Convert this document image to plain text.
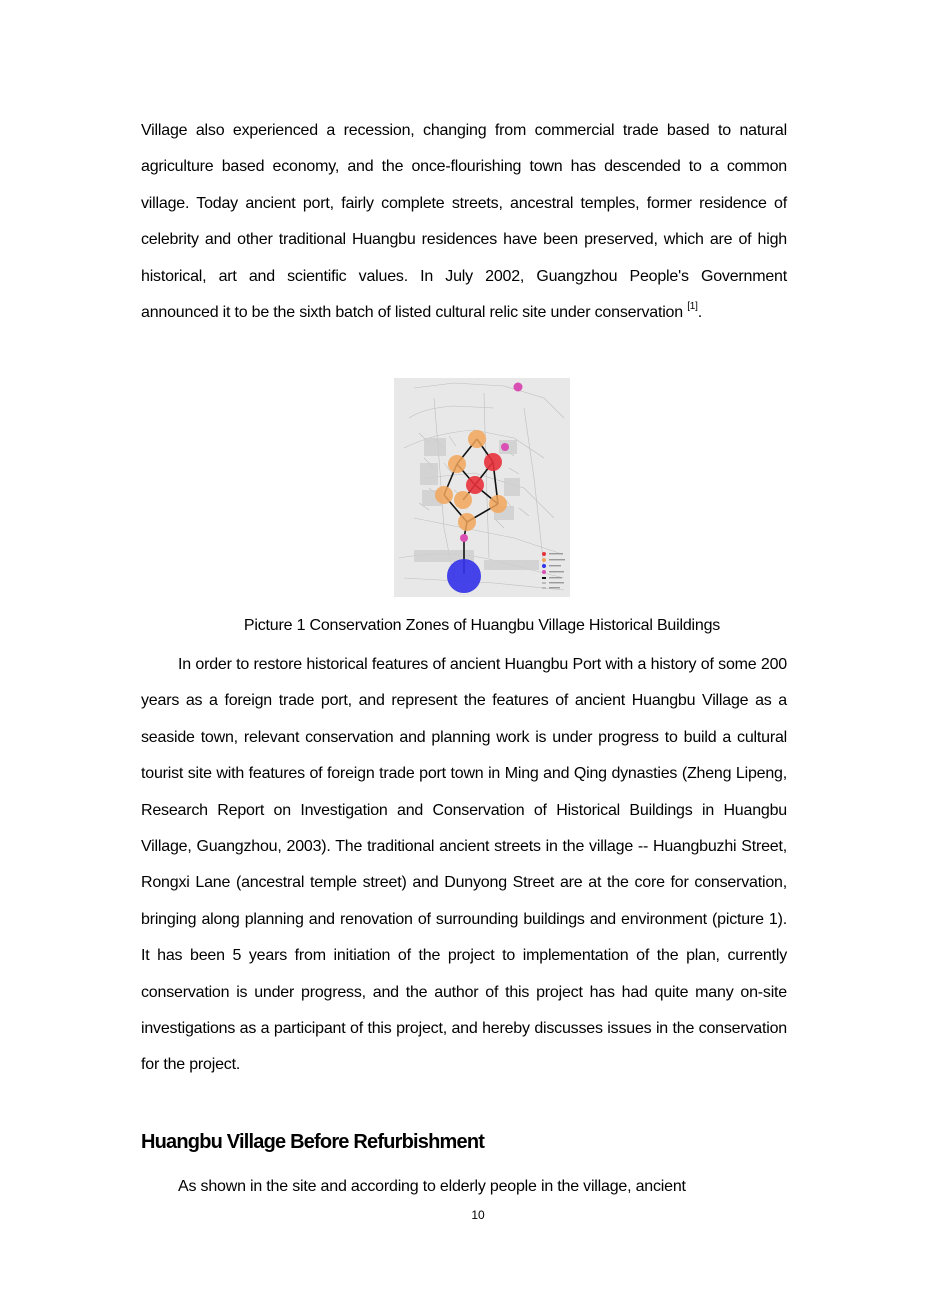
Village also experienced a recession, changing from commercial trade based to natural agriculture based economy, and the once-flourishing town has descended to a common village. Today ancient port, fairly complete streets, ancestral temples, former residence of celebrity and other traditional Huangbu residences have been preserved, which are of high historical, art and scientific values. In July 2002, Guangzhou People's Government announced it to be the sixth batch of listed cultural relic site under conservation [1].

Picture 1 Conservation Zones of Huangbu Village Historical Buildings

In order to restore historical features of ancient Huangbu Port with a history of some 200 years as a foreign trade port, and represent the features of ancient Huangbu Village as a seaside town, relevant conservation and planning work is under progress to build a cultural tourist site with features of foreign trade port town in Ming and Qing dynasties (Zheng Lipeng, Research Report on Investigation and Conservation of Historical Buildings in Huangbu Village, Guangzhou, 2003). The traditional ancient streets in the village -- Huangbuzhi Street, Rongxi Lane (ancestral temple street) and Dunyong Street are at the core for conservation, bringing along planning and renovation of surrounding buildings and environment (picture 1). It has been 5 years from initiation of the project to implementation of the plan, currently conservation is under progress, and the author of this project has had quite many on-site investigations as a participant of this project, and hereby discusses issues in the conservation for the project.

Huangbu Village Before Refurbishment

As shown in the site and according to elderly people in the village, ancient

10
